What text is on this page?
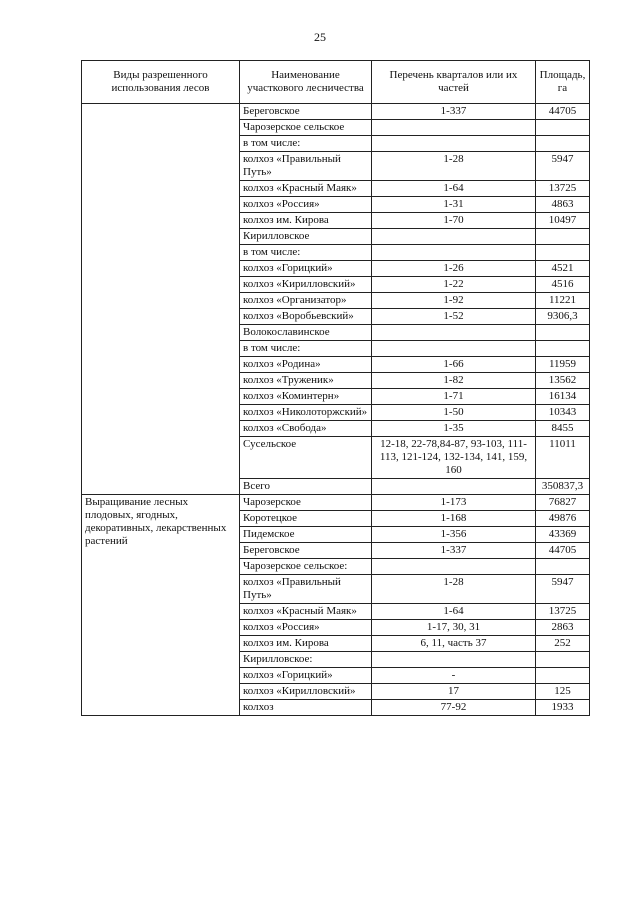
25
Виды разрешенного использования лесов	Наименование участкового лесничества	Перечень кварталов или их частей	Площадь, га
	Береговское	1-337	44705
	Чарозерское сельское		
	в том числе:		
	колхоз «Правильный Путь»	1-28	5947
	колхоз «Красный Маяк»	1-64	13725
	колхоз «Россия»	1-31	4863
	колхоз им. Кирова	1-70	10497
	Кирилловское		
	в том числе:		
	колхоз «Горицкий»	1-26	4521
	колхоз «Кирилловский»	1-22	4516
	колхоз «Организатор»	1-92	11221
	колхоз «Воробьевский»	1-52	9306,3
	Волокославинское		
	в том числе:		
	колхоз «Родина»	1-66	11959
	колхоз «Труженик»	1-82	13562
	колхоз «Коминтерн»	1-71	16134
	колхоз «Николоторжский»	1-50	10343
	колхоз «Свобода»	1-35	8455
	Сусельское	12-18, 22-78,84-87, 93-103, 111-113, 121-124, 132-134, 141, 159, 160	11011
	Всего		350837,3
Выращивание лесных плодовых, ягодных, декоративных, лекарственных растений	Чарозерское	1-173	76827
	Коротецкое	1-168	49876
	Пидемское	1-356	43369
	Береговское	1-337	44705
	Чарозерское сельское:		
	колхоз «Правильный Путь»	1-28	5947
	колхоз «Красный Маяк»	1-64	13725
	колхоз «Россия»	1-17, 30, 31	2863
	колхоз им. Кирова	6, 11, часть 37	252
	Кирилловское:		
	колхоз «Горицкий»	-	
	колхоз «Кирилловский»	17	125
	колхоз	77-92	1933
